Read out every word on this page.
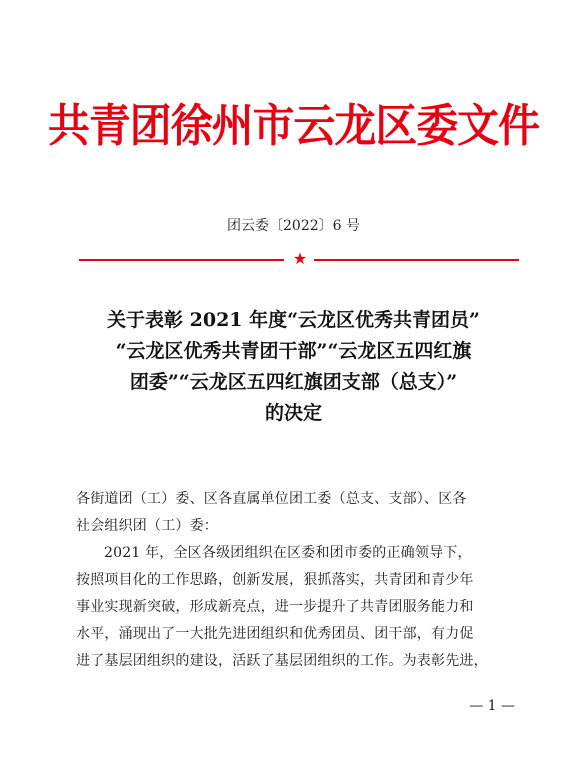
共青团徐州市云龙区委文件
团云委〔2022〕6 号
★
关于表彰 2021 年度“云龙区优秀共青团员”
“云龙区优秀共青团干部”“云龙区五四红旗
团委”“云龙区五四红旗团支部（总支）”
的决定
各街道团（工）委、区各直属单位团工委（总支、支部）、区各
社会组织团（工）委：
2021 年，全区各级团组织在区委和团市委的正确领导下，
按照项目化的工作思路，创新发展，狠抓落实，共青团和青少年
事业实现新突破，形成新亮点，进一步提升了共青团服务能力和
水平，涌现出了一大批先进团组织和优秀团员、团干部，有力促
进了基层团组织的建设，活跃了基层团组织的工作。为表彰先进，
— 1 —
